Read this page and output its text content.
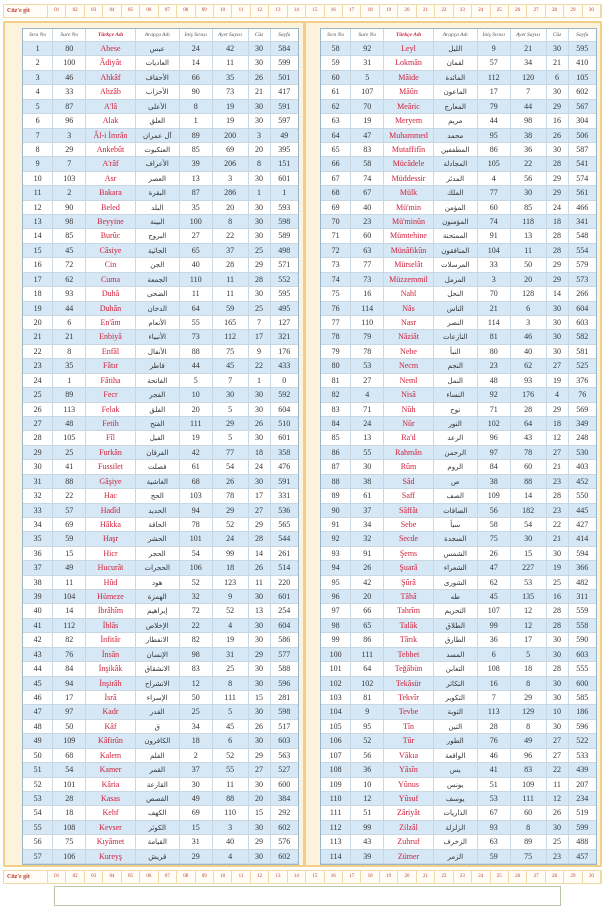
Cüz'e git	01	02	03	04	05	06	07	08	09	10	11	12	13	14	15	16	17	18	19	20	21	22	23	24	25	26	27	28	29	30
Sıra No	Sure No	Türkçe Adı	Arapça Adı	İniş Sırası	Ayet Sayısı	Cüz	Sayfa
1	80	Abese	عبس	24	42	30	584
2	100	Âdiyât	العاديات	14	11	30	599
3	46	Ahkâf	الأحقاف	66	35	26	501
4	33	Ahzâb	الأحزاب	90	73	21	417
5	87	A'lâ	الأعلى	8	19	30	591
6	96	Alak	العلق	1	19	30	597
7	3	Âl-i İmrân	آل عمران	89	200	3	49
8	29	Ankebût	العنكبوت	85	69	20	395
9	7	A'râf	الأعراف	39	206	8	151
10	103	Asr	العصر	13	3	30	601
11	2	Bakara	البقرة	87	286	1	1
12	90	Beled	البلد	35	20	30	593
13	98	Beyyine	البينة	100	8	30	598
14	85	Burûc	البروج	27	22	30	589
15	45	Câsiye	الجاثية	65	37	25	498
16	72	Cin	الجن	40	28	29	571
17	62	Cuma	الجمعة	110	11	28	552
18	93	Duhâ	الضحى	11	11	30	595
19	44	Duhân	الدخان	64	59	25	495
20	6	En'âm	الأنعام	55	165	7	127
21	21	Enbiyâ	الأنبياء	73	112	17	321
22	8	Enfâl	الأنفال	88	75	9	176
23	35	Fâtır	فاطر	44	45	22	433
24	1	Fâtiha	الفاتحة	5	7	1	0
25	89	Fecr	الفجر	10	30	30	592
26	113	Felak	الفلق	20	5	30	604
27	48	Fetih	الفتح	111	29	26	510
28	105	Fîl	الفيل	19	5	30	601
29	25	Furkân	الفرقان	42	77	18	358
30	41	Fussilet	فصلت	61	54	24	476
31	88	Gâşiye	الغاشية	68	26	30	591
32	22	Hac	الحج	103	78	17	331
33	57	Hadîd	الحديد	94	29	27	536
34	69	Hâkka	الحاقة	78	52	29	565
35	59	Haşr	الحشر	101	24	28	544
36	15	Hicr	الحجر	54	99	14	261
37	49	Hucurât	الحجرات	106	18	26	514
38	11	Hûd	هود	52	123	11	220
39	104	Hümeze	الهمزة	32	9	30	601
40	14	İbrâhîm	إبراهيم	72	52	13	254
41	112	İhlâs	الإخلاص	22	4	30	604
42	82	İnfitâr	الانفطار	82	19	30	586
43	76	İnsân	الإنسان	98	31	29	577
44	84	İnşikâk	الانشقاق	83	25	30	588
45	94	İnşirâh	الانشراح	12	8	30	596
46	17	İsrâ	الإسراء	50	111	15	281
47	97	Kadr	القدر	25	5	30	598
48	50	Kâf	ق	34	45	26	517
49	109	Kâfirûn	الكافرون	18	6	30	603
50	68	Kalem	القلم	2	52	29	563
51	54	Kamer	القمر	37	55	27	527
52	101	Kâria	القارعة	30	11	30	600
53	28	Kasas	القصص	49	88	20	384
54	18	Kehf	الكهف	69	110	15	292
55	108	Kevser	الكوثر	15	3	30	602
56	75	Kıyâmet	القيامة	31	40	29	576
57	106	Kureyş	قريش	29	4	30	602
Sıra No	Sure No	Türkçe Adı	Arapça Adı	İniş Sırası	Ayet Sayısı	Cüz	Sayfa
58	92	Leyl	الليل	9	21	30	595
59	31	Lokmân	لقمان	57	34	21	410
60	5	Mâide	المائدة	112	120	6	105
61	107	Mâûn	الماعون	17	7	30	602
62	70	Meâric	المعارج	79	44	29	567
63	19	Meryem	مريم	44	98	16	304
64	47	Muhammed	محمد	95	38	26	506
65	83	Mutaffifîn	المطففين	86	36	30	587
66	58	Mücâdele	المجادلة	105	22	28	541
67	74	Müddessir	المدثر	4	56	29	574
68	67	Mülk	الملك	77	30	29	561
69	40	Mü'min	المؤمن	60	85	24	466
70	23	Mü'minûn	المؤمنون	74	118	18	341
71	60	Mümtehine	الممتحنة	91	13	28	548
72	63	Münâfikûn	المنافقون	104	11	28	554
73	77	Mürselât	المرسلات	33	50	29	579
74	73	Müzzemmil	المزمل	3	20	29	573
75	16	Nahl	النحل	70	128	14	266
76	114	Nâs	الناس	21	6	30	604
77	110	Nasr	النصر	114	3	30	603
78	79	Nâziât	النازعات	81	46	30	582
79	78	Nebe	النبأ	80	40	30	581
80	53	Necm	النجم	23	62	27	525
81	27	Neml	النمل	48	93	19	376
82	4	Nisâ	النساء	92	176	4	76
83	71	Nûh	نوح	71	28	29	569
84	24	Nûr	النور	102	64	18	349
85	13	Ra'd	الرعد	96	43	12	248
86	55	Rahmân	الرحمن	97	78	27	530
87	30	Rûm	الروم	84	60	21	403
88	38	Sâd	ص	38	88	23	452
89	61	Saff	الصف	109	14	28	550
90	37	Sâffât	الصافات	56	182	23	445
91	34	Sebe	سبأ	58	54	22	427
92	32	Secde	السجدة	75	30	21	414
93	91	Şems	الشمس	26	15	30	594
94	26	Şuarâ	الشعراء	47	227	19	366
95	42	Şûrâ	الشورى	62	53	25	482
96	20	Tâhâ	طه	45	135	16	311
97	66	Tahrîm	التحريم	107	12	28	559
98	65	Talâk	الطلاق	99	12	28	558
99	86	Târık	الطارق	36	17	30	590
100	111	Tebbet	المسد	6	5	30	603
101	64	Teğâbün	التغابن	108	18	28	555
102	102	Tekâsür	التكاثر	16	8	30	600
103	81	Tekvîr	التكوير	7	29	30	585
104	9	Tevbe	التوبة	113	129	10	186
105	95	Tîn	التين	28	8	30	596
106	52	Tûr	الطور	76	49	27	522
107	56	Vâkıa	الواقعة	46	96	27	533
108	36	Yâsîn	يس	41	83	22	439
109	10	Yûnus	يونس	51	109	11	207
110	12	Yûsuf	يوسف	53	111	12	234
111	51	Zâriyât	الذاريات	67	60	26	519
112	99	Zilzâl	الزلزلة	93	8	30	599
113	43	Zuhruf	الزخرف	63	89	25	488
114	39	Zümer	الزمر	59	75	23	457
Cüz'e git	01	02	03	04	05	06	07	08	09	10	11	12	13	14	15	16	17	18	19	20	21	22	23	24	25	26	27	28	29	30
